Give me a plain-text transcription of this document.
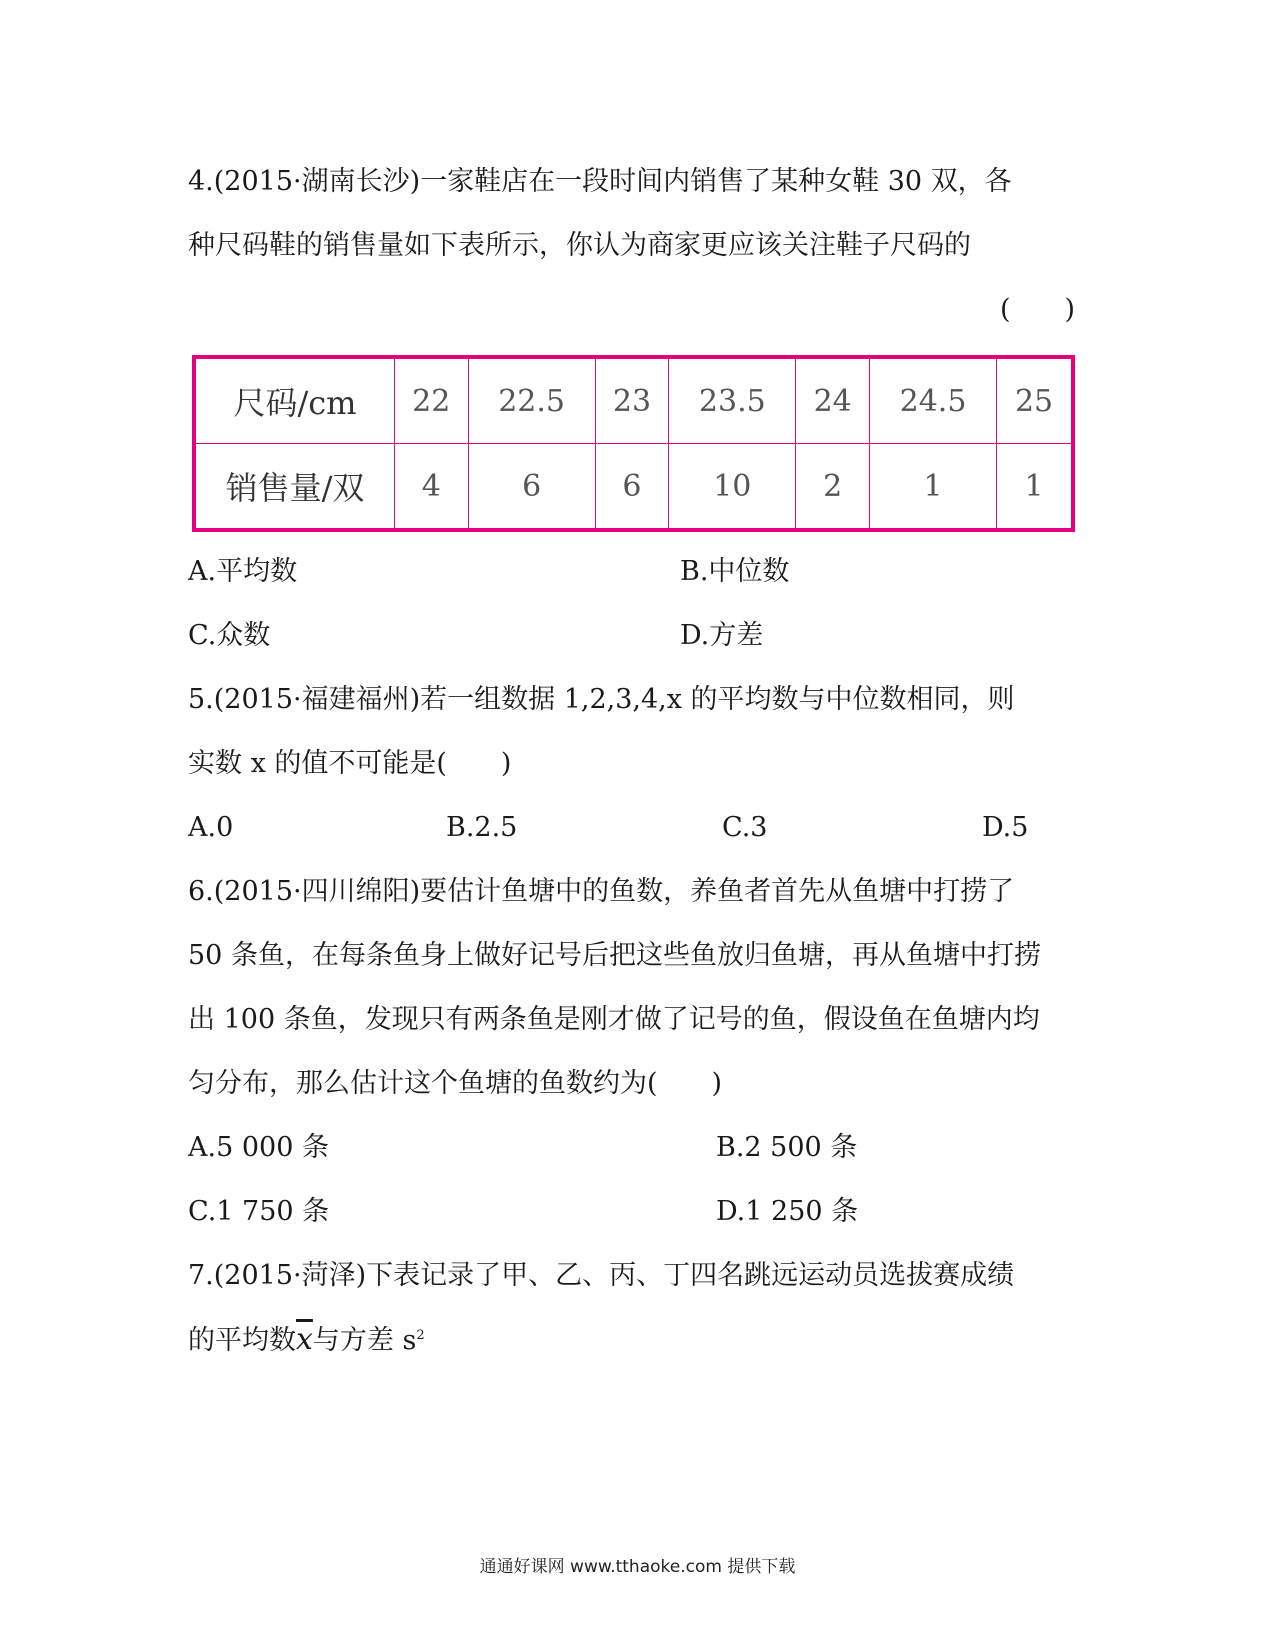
4.(2015·湖南长沙)一家鞋店在一段时间内销售了某种女鞋 30 双，各
种尺码鞋的销售量如下表所示，你认为商家更应该关注鞋子尺码的
(　　)
尺码/cm	22	22.5	23	23.5	24	24.5	25
销售量/双	4	6	6	10	2	1	1
A.平均数	B.中位数
C.众数	D.方差
5.(2015·福建福州)若一组数据 1,2,3,4,x 的平均数与中位数相同，则
实数 x 的值不可能是(　　)
A.0	B.2.5	C.3	D.5
6.(2015·四川绵阳)要估计鱼塘中的鱼数，养鱼者首先从鱼塘中打捞了
50 条鱼，在每条鱼身上做好记号后把这些鱼放归鱼塘，再从鱼塘中打捞
出 100 条鱼，发现只有两条鱼是刚才做了记号的鱼，假设鱼在鱼塘内均
匀分布，那么估计这个鱼塘的鱼数约为(　　)
A.5 000 条	B.2 500 条
C.1 750 条	D.1 250 条
7.(2015·菏泽)下表记录了甲、乙、丙、丁四名跳远运动员选拔赛成绩
的平均数$\overline{x}$与方差 $s^2$
通通好课网 www.tthaoke.com 提供下载
